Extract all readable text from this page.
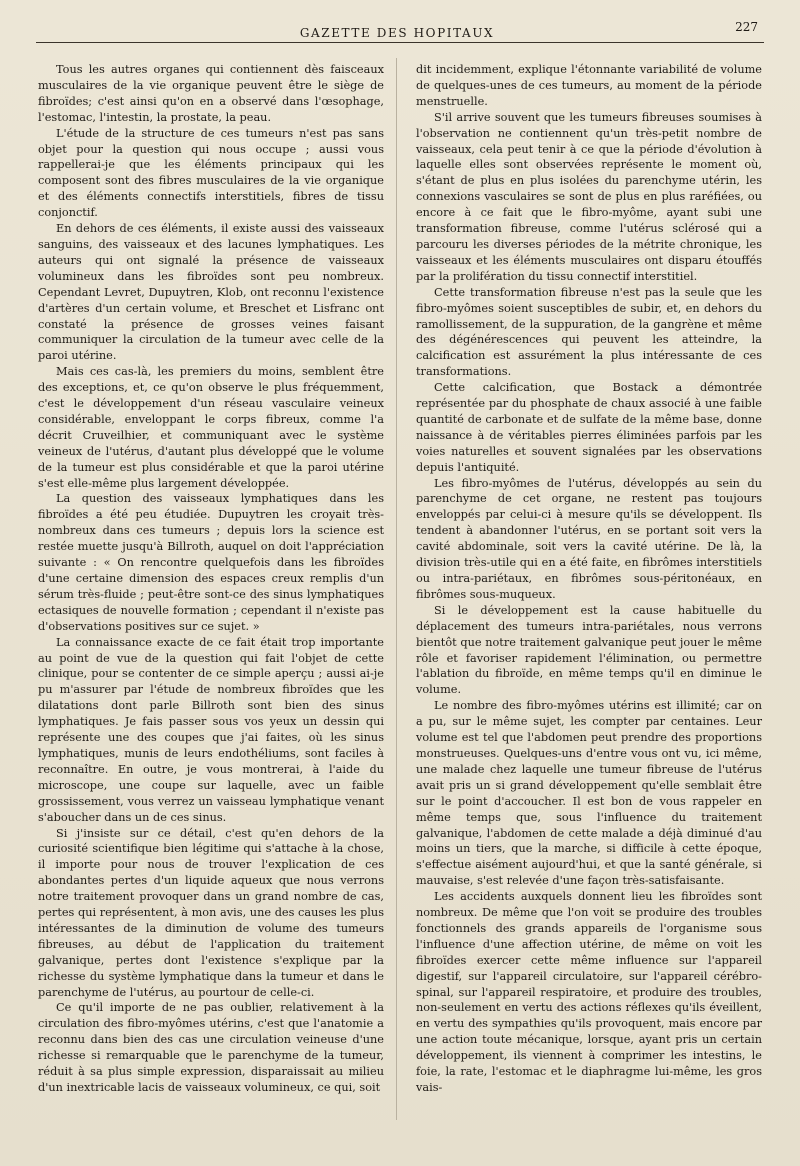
GAZETTE DES HOPITAUX	227

Tous les autres organes qui contiennent dès faisceaux musculaires de la vie organique peuvent être le siège de fibroïdes; c'est ainsi qu'on en a observé dans l'œsophage, l'estomac, l'intestin, la prostate, la peau.

L'étude de la structure de ces tumeurs n'est pas sans objet pour la question qui nous occupe ; aussi vous rappellerai-je que les éléments principaux qui les composent sont des fibres musculaires de la vie organique et des éléments connectifs interstitiels, fibres de tissu conjonctif.

En dehors de ces éléments, il existe aussi des vaisseaux sanguins, des vaisseaux et des lacunes lymphatiques. Les auteurs qui ont signalé la présence de vaisseaux volumineux dans les fibroïdes sont peu nombreux. Cependant Levret, Dupuytren, Klob, ont reconnu l'existence d'artères d'un certain volume, et Breschet et Lisfranc ont constaté la présence de grosses veines faisant communiquer la circulation de la tumeur avec celle de la paroi utérine.

Mais ces cas-là, les premiers du moins, semblent être des exceptions, et, ce qu'on observe le plus fréquemment, c'est le développement d'un réseau vasculaire veineux considérable, enveloppant le corps fibreux, comme l'a décrit Cruveilhier, et communiquant avec le système veineux de l'utérus, d'autant plus développé que le volume de la tumeur est plus considérable et que la paroi utérine s'est elle-même plus largement développée.

La question des vaisseaux lymphatiques dans les fibroïdes a été peu étudiée. Dupuytren les croyait très-nombreux dans ces tumeurs ; depuis lors la science est restée muette jusqu'à Billroth, auquel on doit l'appréciation suivante : « On rencontre quelquefois dans les fibroïdes d'une certaine dimension des espaces creux remplis d'un sérum très-fluide ; peut-être sont-ce des sinus lymphatiques ectasiques de nouvelle formation ; cependant il n'existe pas d'observations positives sur ce sujet. »

La connaissance exacte de ce fait était trop importante au point de vue de la question qui fait l'objet de cette clinique, pour se contenter de ce simple aperçu ; aussi ai-je pu m'assurer par l'étude de nombreux fibroïdes que les dilatations dont parle Billroth sont bien des sinus lymphatiques. Je fais passer sous vos yeux un dessin qui représente une des coupes que j'ai faites, où les sinus lymphatiques, munis de leurs endothéliums, sont faciles à reconnaître. En outre, je vous montrerai, à l'aide du microscope, une coupe sur laquelle, avec un faible grossissement, vous verrez un vaisseau lymphatique venant s'aboucher dans un de ces sinus.

Si j'insiste sur ce détail, c'est qu'en dehors de la curiosité scientifique bien légitime qui s'attache à la chose, il importe pour nous de trouver l'explication de ces abondantes pertes d'un liquide aqueux que nous verrons notre traitement provoquer dans un grand nombre de cas, pertes qui représentent, à mon avis, une des causes les plus intéressantes de la diminution de volume des tumeurs fibreuses, au début de l'application du traitement galvanique, pertes dont l'existence s'explique par la richesse du système lymphatique dans la tumeur et dans le parenchyme de l'utérus, au pourtour de celle-ci.

Ce qu'il importe de ne pas oublier, relativement à la circulation des fibro-myômes utérins, c'est que l'anatomie a reconnu dans bien des cas une circulation veineuse d'une richesse si remarquable que le parenchyme de la tumeur, réduit à sa plus simple expression, disparaissait au milieu d'un inextricable lacis de vaisseaux volumineux, ce qui, soit

dit incidemment, explique l'étonnante variabilité de volume de quelques-unes de ces tumeurs, au moment de la période menstruelle.

S'il arrive souvent que les tumeurs fibreuses soumises à l'observation ne contiennent qu'un très-petit nombre de vaisseaux, cela peut tenir à ce que la période d'évolution à laquelle elles sont observées représente le moment où, s'étant de plus en plus isolées du parenchyme utérin, les connexions vasculaires se sont de plus en plus raréfiées, ou encore à ce fait que le fibro-myôme, ayant subi une transformation fibreuse, comme l'utérus sclérosé qui a parcouru les diverses périodes de la métrite chronique, les vaisseaux et les éléments musculaires ont disparu étouffés par la prolifération du tissu connectif interstitiel.

Cette transformation fibreuse n'est pas la seule que les fibro-myômes soient susceptibles de subir, et, en dehors du ramollissement, de la suppuration, de la gangrène et même des dégénérescences qui peuvent les atteindre, la calcification est assurément la plus intéressante de ces transformations.

Cette calcification, que Bostack a démontrée représentée par du phosphate de chaux associé à une faible quantité de carbonate et de sulfate de la même base, donne naissance à de véritables pierres éliminées parfois par les voies naturelles et souvent signalées par les observations depuis l'antiquité.

Les fibro-myômes de l'utérus, développés au sein du parenchyme de cet organe, ne restent pas toujours enveloppés par celui-ci à mesure qu'ils se développent. Ils tendent à abandonner l'utérus, en se portant soit vers la cavité abdominale, soit vers la cavité utérine. De là, la division très-utile qui en a été faite, en fibrômes interstitiels ou intra-pariétaux, en fibrômes sous-péritonéaux, en fibrômes sous-muqueux.

Si le développement est la cause habituelle du déplacement des tumeurs intra-pariétales, nous verrons bientôt que notre traitement galvanique peut jouer le même rôle et favoriser rapidement l'élimination, ou permettre l'ablation du fibroïde, en même temps qu'il en diminue le volume.

Le nombre des fibro-myômes utérins est illimité; car on a pu, sur le même sujet, les compter par centaines. Leur volume est tel que l'abdomen peut prendre des proportions monstrueuses. Quelques-uns d'entre vous ont vu, ici même, une malade chez laquelle une tumeur fibreuse de l'utérus avait pris un si grand développement qu'elle semblait être sur le point d'accoucher. Il est bon de vous rappeler en même temps que, sous l'influence du traitement galvanique, l'abdomen de cette malade a déjà diminué d'au moins un tiers, que la marche, si difficile à cette époque, s'effectue aisément aujourd'hui, et que la santé générale, si mauvaise, s'est relevée d'une façon très-satisfaisante.

Les accidents auxquels donnent lieu les fibroïdes sont nombreux. De même que l'on voit se produire des troubles fonctionnels des grands appareils de l'organisme sous l'influence d'une affection utérine, de même on voit les fibroïdes exercer cette même influence sur l'appareil digestif, sur l'appareil circulatoire, sur l'appareil cérébro-spinal, sur l'appareil respiratoire, et produire des troubles, non-seulement en vertu des actions réflexes qu'ils éveillent, en vertu des sympathies qu'ils provoquent, mais encore par une action toute mécanique, lorsque, ayant pris un certain développement, ils viennent à comprimer les intestins, le foie, la rate, l'estomac et le diaphragme lui-même, les gros vais-
